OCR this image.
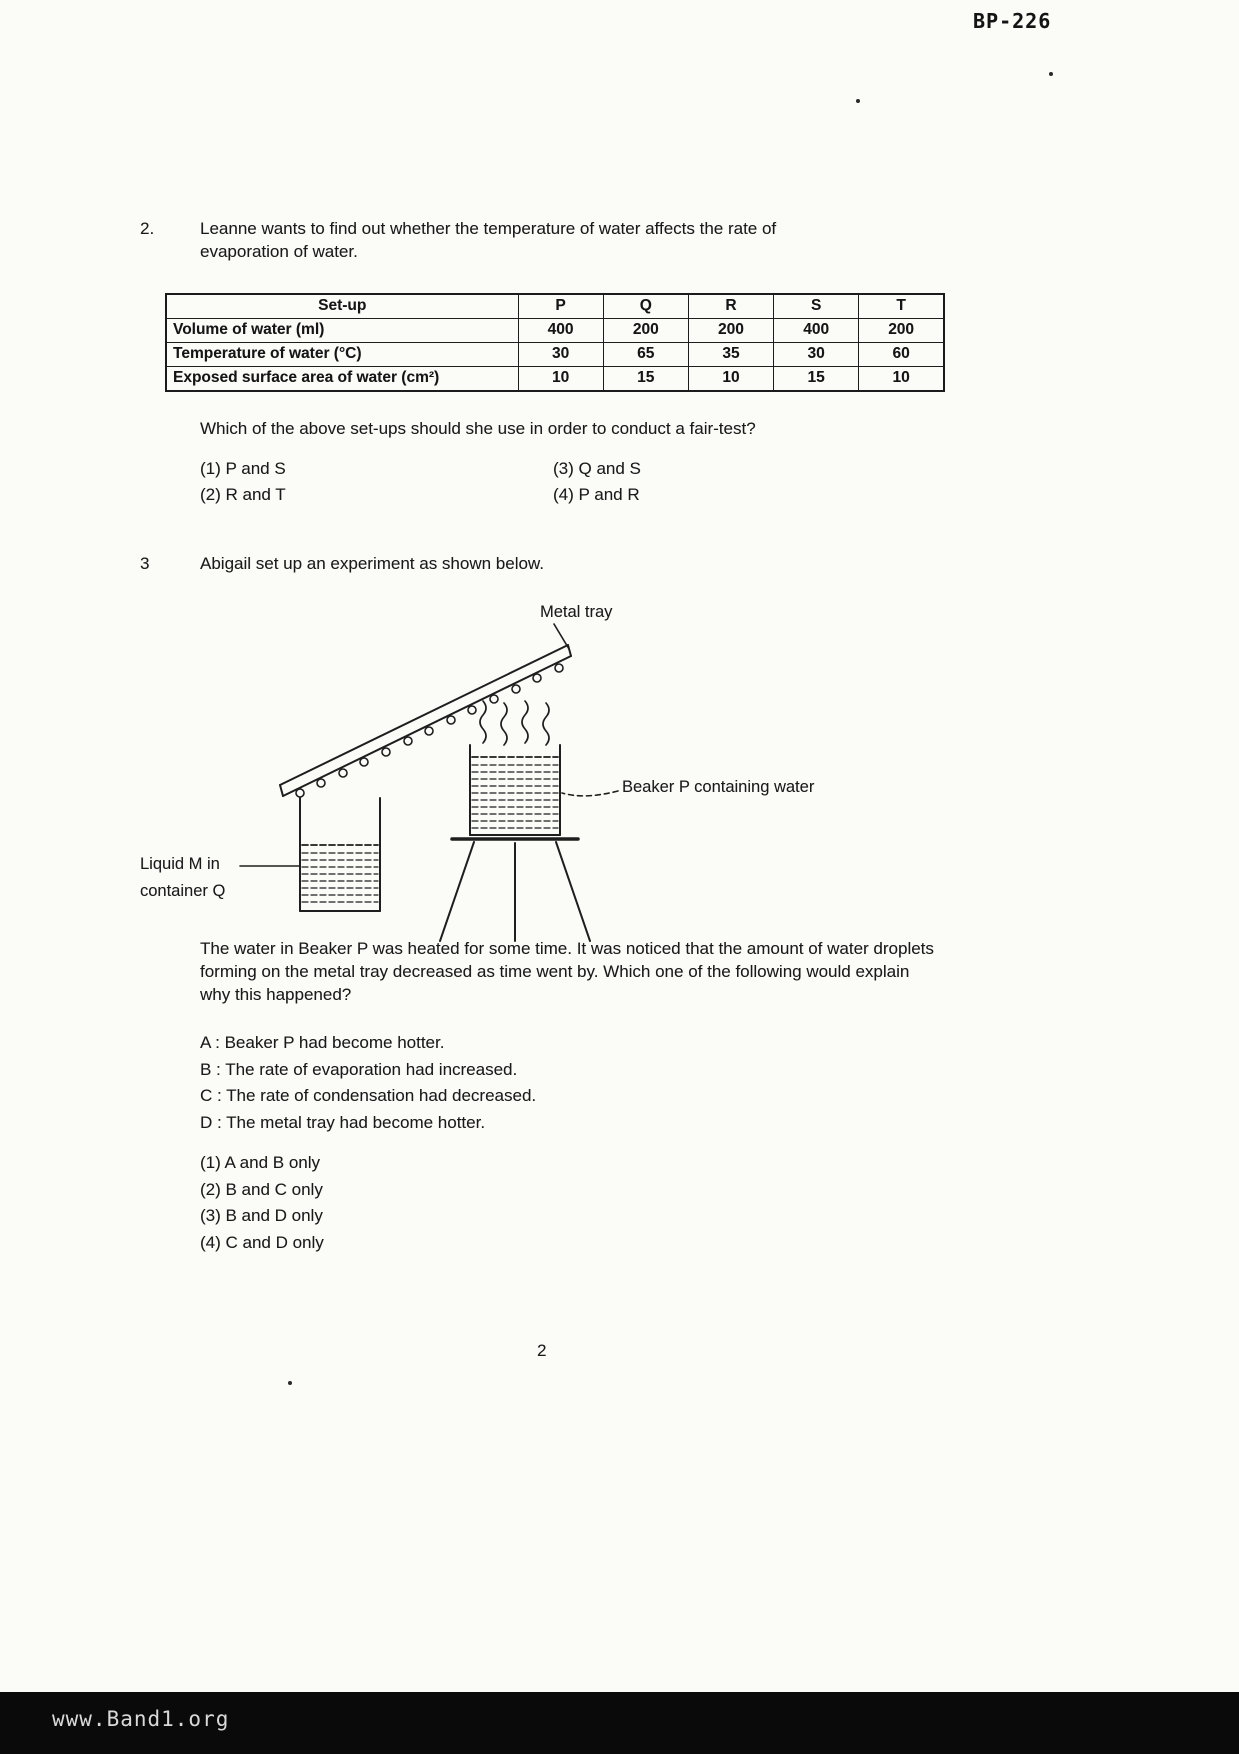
BP-226
2.	Leanne wants to find out whether the temperature of water affects the rate of evaporation of water.
Set-up	P	Q	R	S	T
Volume of water (ml)	400	200	200	400	200
Temperature of water (°C)	30	65	35	30	60
Exposed surface area of water (cm²)	10	15	10	15	10
Which of the above set-ups should she use in order to conduct a fair-test?
(1) P and S
(2) R and T
(3) Q and S
(4) P and R
3	Abigail set up an experiment as shown below.
Metal tray
Beaker P containing water
Liquid M in
container Q
The water in Beaker P was heated for some time. It was noticed that the amount of water droplets forming on the metal tray decreased as time went by. Which one of the following would explain why this happened?
A : Beaker P had become hotter.
B : The rate of evaporation had increased.
C : The rate of condensation had decreased.
D : The metal tray had become hotter.
(1) A and B only
(2) B and C only
(3) B and D only
(4) C and D only
2
www.Band1.org
